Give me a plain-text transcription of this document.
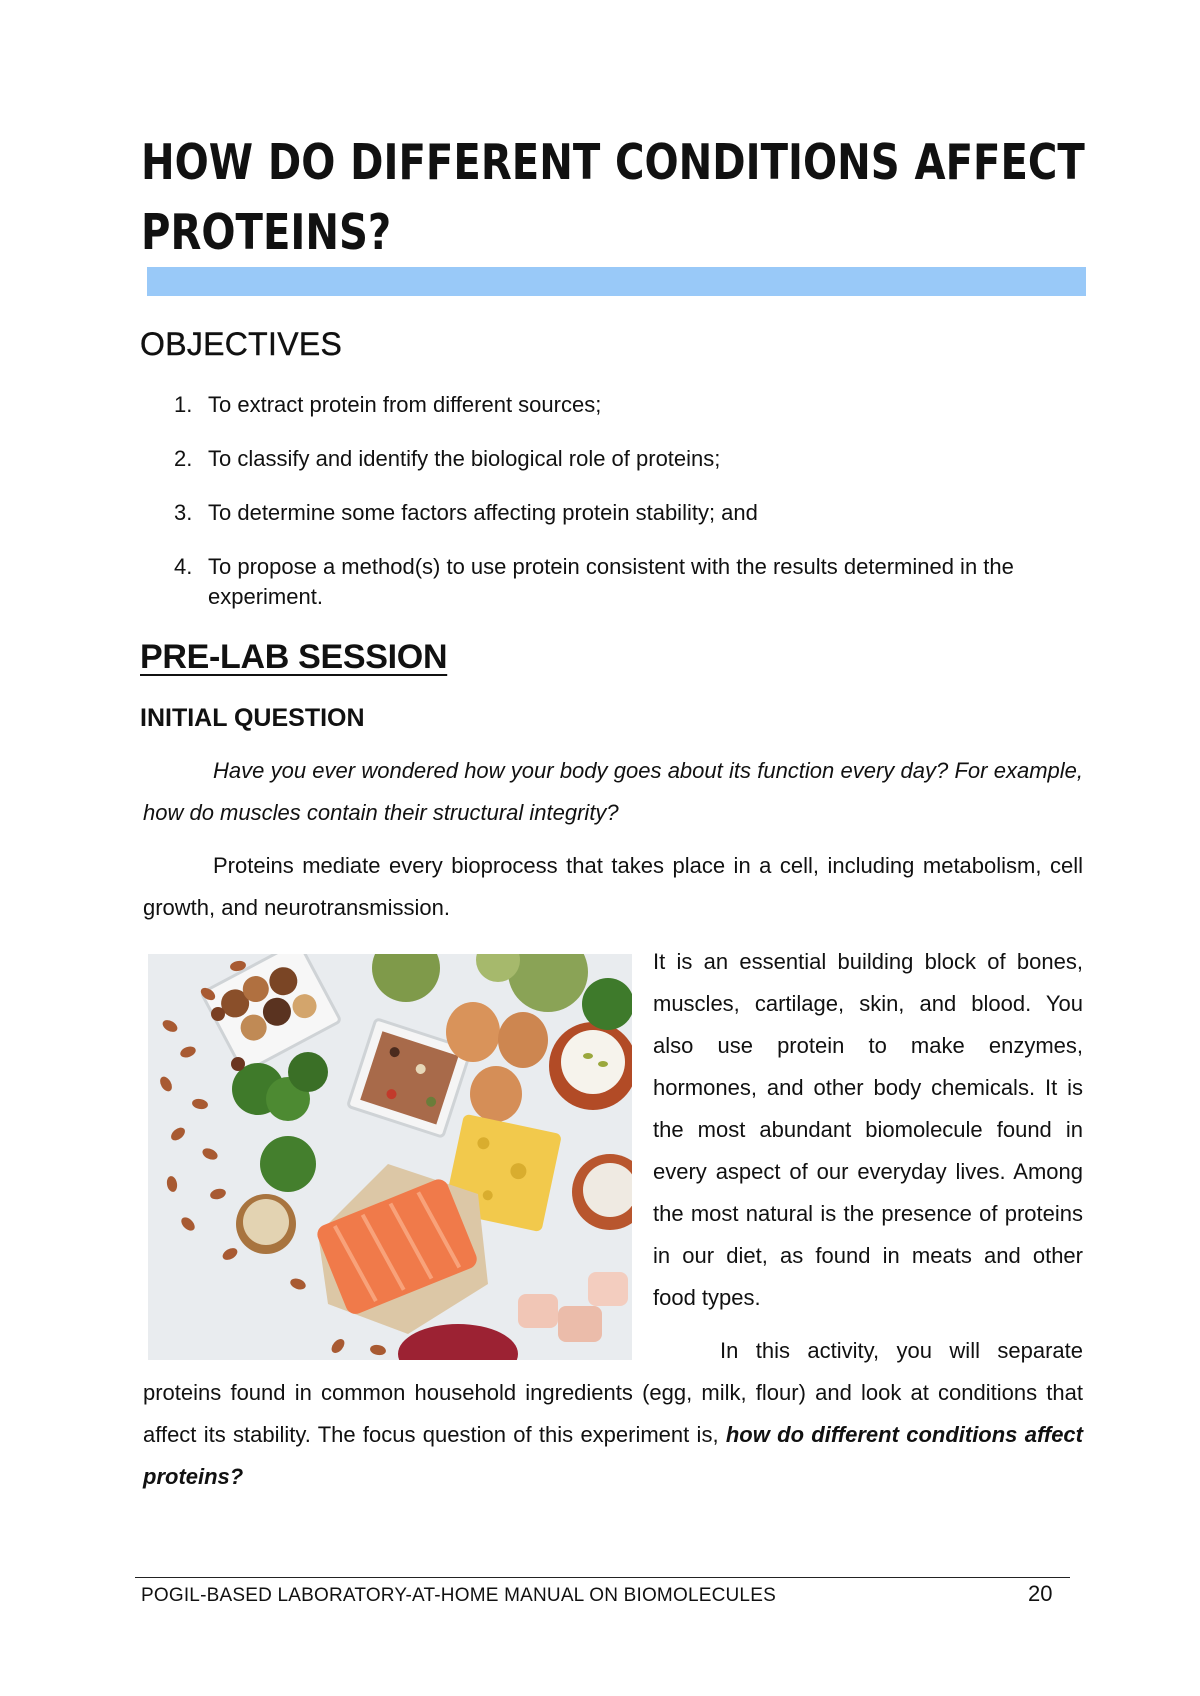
HOW DO DIFFERENT CONDITIONS AFFECT PROTEINS?
OBJECTIVES
1. To extract protein from different sources;
2. To classify and identify the biological role of proteins;
3. To determine some factors affecting protein stability; and
4. To propose a method(s) to use protein consistent with the results determined in the experiment.
PRE-LAB SESSION
INITIAL QUESTION

Have you ever wondered how your body goes about its function every day? For example, how do muscles contain their structural integrity?

Proteins mediate every bioprocess that takes place in a cell, including metabolism, cell growth, and neurotransmission.

It is an essential building block of bones, muscles, cartilage, skin, and blood. You also use protein to make enzymes, hormones, and other body chemicals. It is the most abundant biomolecule found in every aspect of our everyday lives. Among the most natural is the presence of proteins in our diet, as found in meats and other food types.

In this activity, you will separate proteins found in common household ingredients (egg, milk, flour) and look at conditions that affect its stability. The focus question of this experiment is, how do different conditions affect proteins?

POGIL-BASED LABORATORY-AT-HOME MANUAL ON BIOMOLECULES	20
